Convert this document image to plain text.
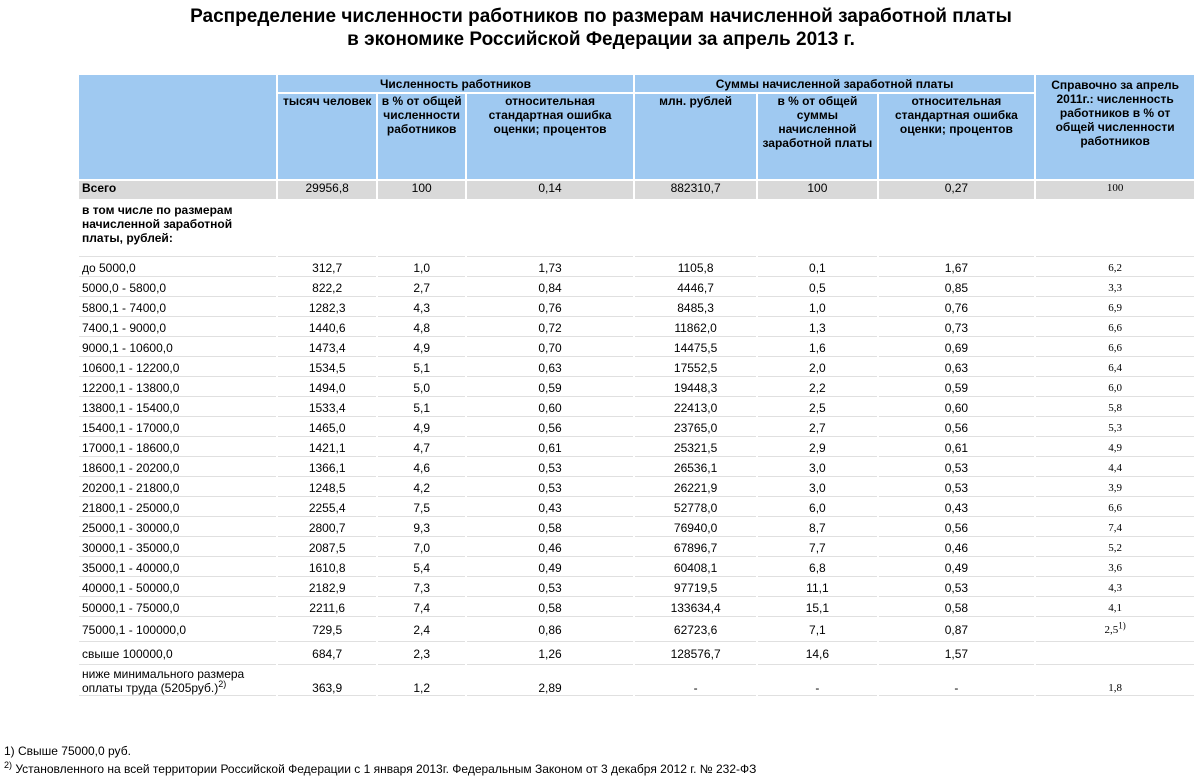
Распределение численности работников по размерам начисленной заработной платы
в экономике Российской Федерации за апрель 2013 г.
	Численность работников			Суммы начисленной заработной платы			Справочно за апрель 2011г.: численность работников в % от общей численности работников
	тысяч человек	в % от общей численности работников	относительная стандартная ошибка оценки; процентов	млн. рублей	в % от общей суммы начисленной заработной платы	относительная стандартная ошибка оценки; процентов	
Всего	29956,8	100	0,14	882310,7	100	0,27	100
в том числе по размерам начисленной заработной платы, рублей:							
до 5000,0	312,7	1,0	1,73	1105,8	0,1	1,67	6,2
5000,0 - 5800,0	822,2	2,7	0,84	4446,7	0,5	0,85	3,3
5800,1 - 7400,0	1282,3	4,3	0,76	8485,3	1,0	0,76	6,9
7400,1 - 9000,0	1440,6	4,8	0,72	11862,0	1,3	0,73	6,6
9000,1 - 10600,0	1473,4	4,9	0,70	14475,5	1,6	0,69	6,6
10600,1 - 12200,0	1534,5	5,1	0,63	17552,5	2,0	0,63	6,4
12200,1 - 13800,0	1494,0	5,0	0,59	19448,3	2,2	0,59	6,0
13800,1 - 15400,0	1533,4	5,1	0,60	22413,0	2,5	0,60	5,8
15400,1 - 17000,0	1465,0	4,9	0,56	23765,0	2,7	0,56	5,3
17000,1 - 18600,0	1421,1	4,7	0,61	25321,5	2,9	0,61	4,9
18600,1 - 20200,0	1366,1	4,6	0,53	26536,1	3,0	0,53	4,4
20200,1 - 21800,0	1248,5	4,2	0,53	26221,9	3,0	0,53	3,9
21800,1 - 25000,0	2255,4	7,5	0,43	52778,0	6,0	0,43	6,6
25000,1 - 30000,0	2800,7	9,3	0,58	76940,0	8,7	0,56	7,4
30000,1 - 35000,0	2087,5	7,0	0,46	67896,7	7,7	0,46	5,2
35000,1 - 40000,0	1610,8	5,4	0,49	60408,1	6,8	0,49	3,6
40000,1 - 50000,0	2182,9	7,3	0,53	97719,5	11,1	0,53	4,3
50000,1 - 75000,0	2211,6	7,4	0,58	133634,4	15,1	0,58	4,1
75000,1 - 100000,0	729,5	2,4	0,86	62723,6	7,1	0,87	2,5$^{1)}$
свыше 100000,0	684,7	2,3	1,26	128576,7	14,6	1,57	

ниже минимального размера
оплаты труда $(5205руб.)^{2)}$	363,9	1,2	2,89	-	-	-	1,8
1) Свыше 75000,0 руб.
$^{2)}$ Установленного на всей территории Российской Федерации с 1 января 2013г. Федеральным Законом от 3 декабря 2012 г. № 232-ФЗ
